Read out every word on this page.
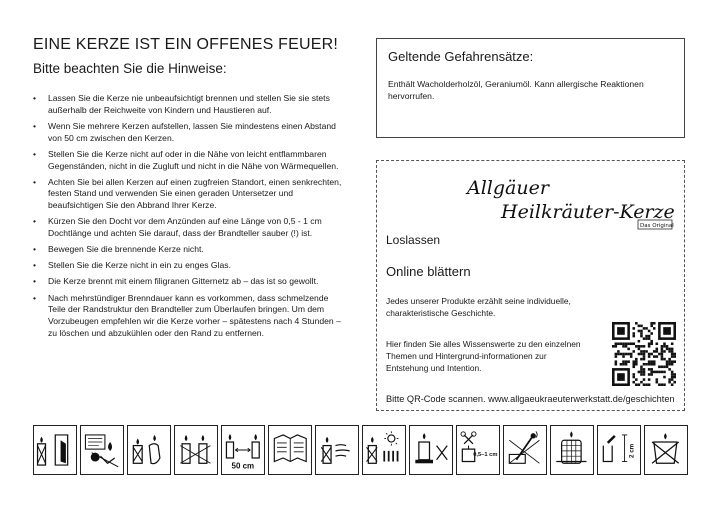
EINE KERZE IST EIN OFFENES FEUER!
Bitte beachten Sie die Hinweise:
• Lassen Sie die Kerze nie unbeaufsichtigt brennen und stellen Sie sie stets außerhalb der Reichweite von Kindern und Haustieren auf.
• Wenn Sie mehrere Kerzen aufstellen, lassen Sie mindestens einen Abstand von 50 cm zwischen den Kerzen.
• Stellen Sie die Kerze nicht auf oder in die Nähe von leicht entflammbaren Gegenständen, nicht in die Zugluft und nicht in die Nähe von Wärmequellen.
• Achten Sie bei allen Kerzen auf einen zugfreien Standort, einen senkrechten, festen Stand und verwenden Sie einen geraden Untersetzer und beaufsichtigen Sie den Abbrand Ihrer Kerze.
• Kürzen Sie den Docht vor dem Anzünden auf eine Länge von 0,5 - 1 cm Dochtlänge und achten Sie darauf, dass der Brandteller sauber (!) ist.
• Bewegen Sie die brennende Kerze nicht.
• Stellen Sie die Kerze nicht in ein zu enges Glas.
• Die Kerze brennt mit einem filigranen Gitternetz ab – das ist so gewollt.
• Nach mehrstündiger Brenndauer kann es vorkommen, dass schmelzende Teile der Randstruktur den Brandteller zum Überlaufen bringen. Um dem Vorzubeugen empfehlen wir die Kerze vorher – spätestens nach 4 Stunden – zu löschen und abzukühlen oder den Rand zu entfernen.
Geltende Gefahrensätze:
Enthält Wacholderholzöl, Geraniumöl. Kann allergische Reaktionen hervorrufen.
Allgäuer
Heilkräuter-Kerze
Das Original
Loslassen
Online blättern
Jedes unserer Produkte erzählt seine individuelle, charakteristische Geschichte.
Hier finden Sie alles Wissenswerte zu den einzelnen Themen und Hintergrund-informationen zur Entstehung und Intention.
Bitte QR-Code scannen. www.allgaeukraeuterwerkstatt.de/geschichten
50 cm
0,5–1 cm	2 cm
